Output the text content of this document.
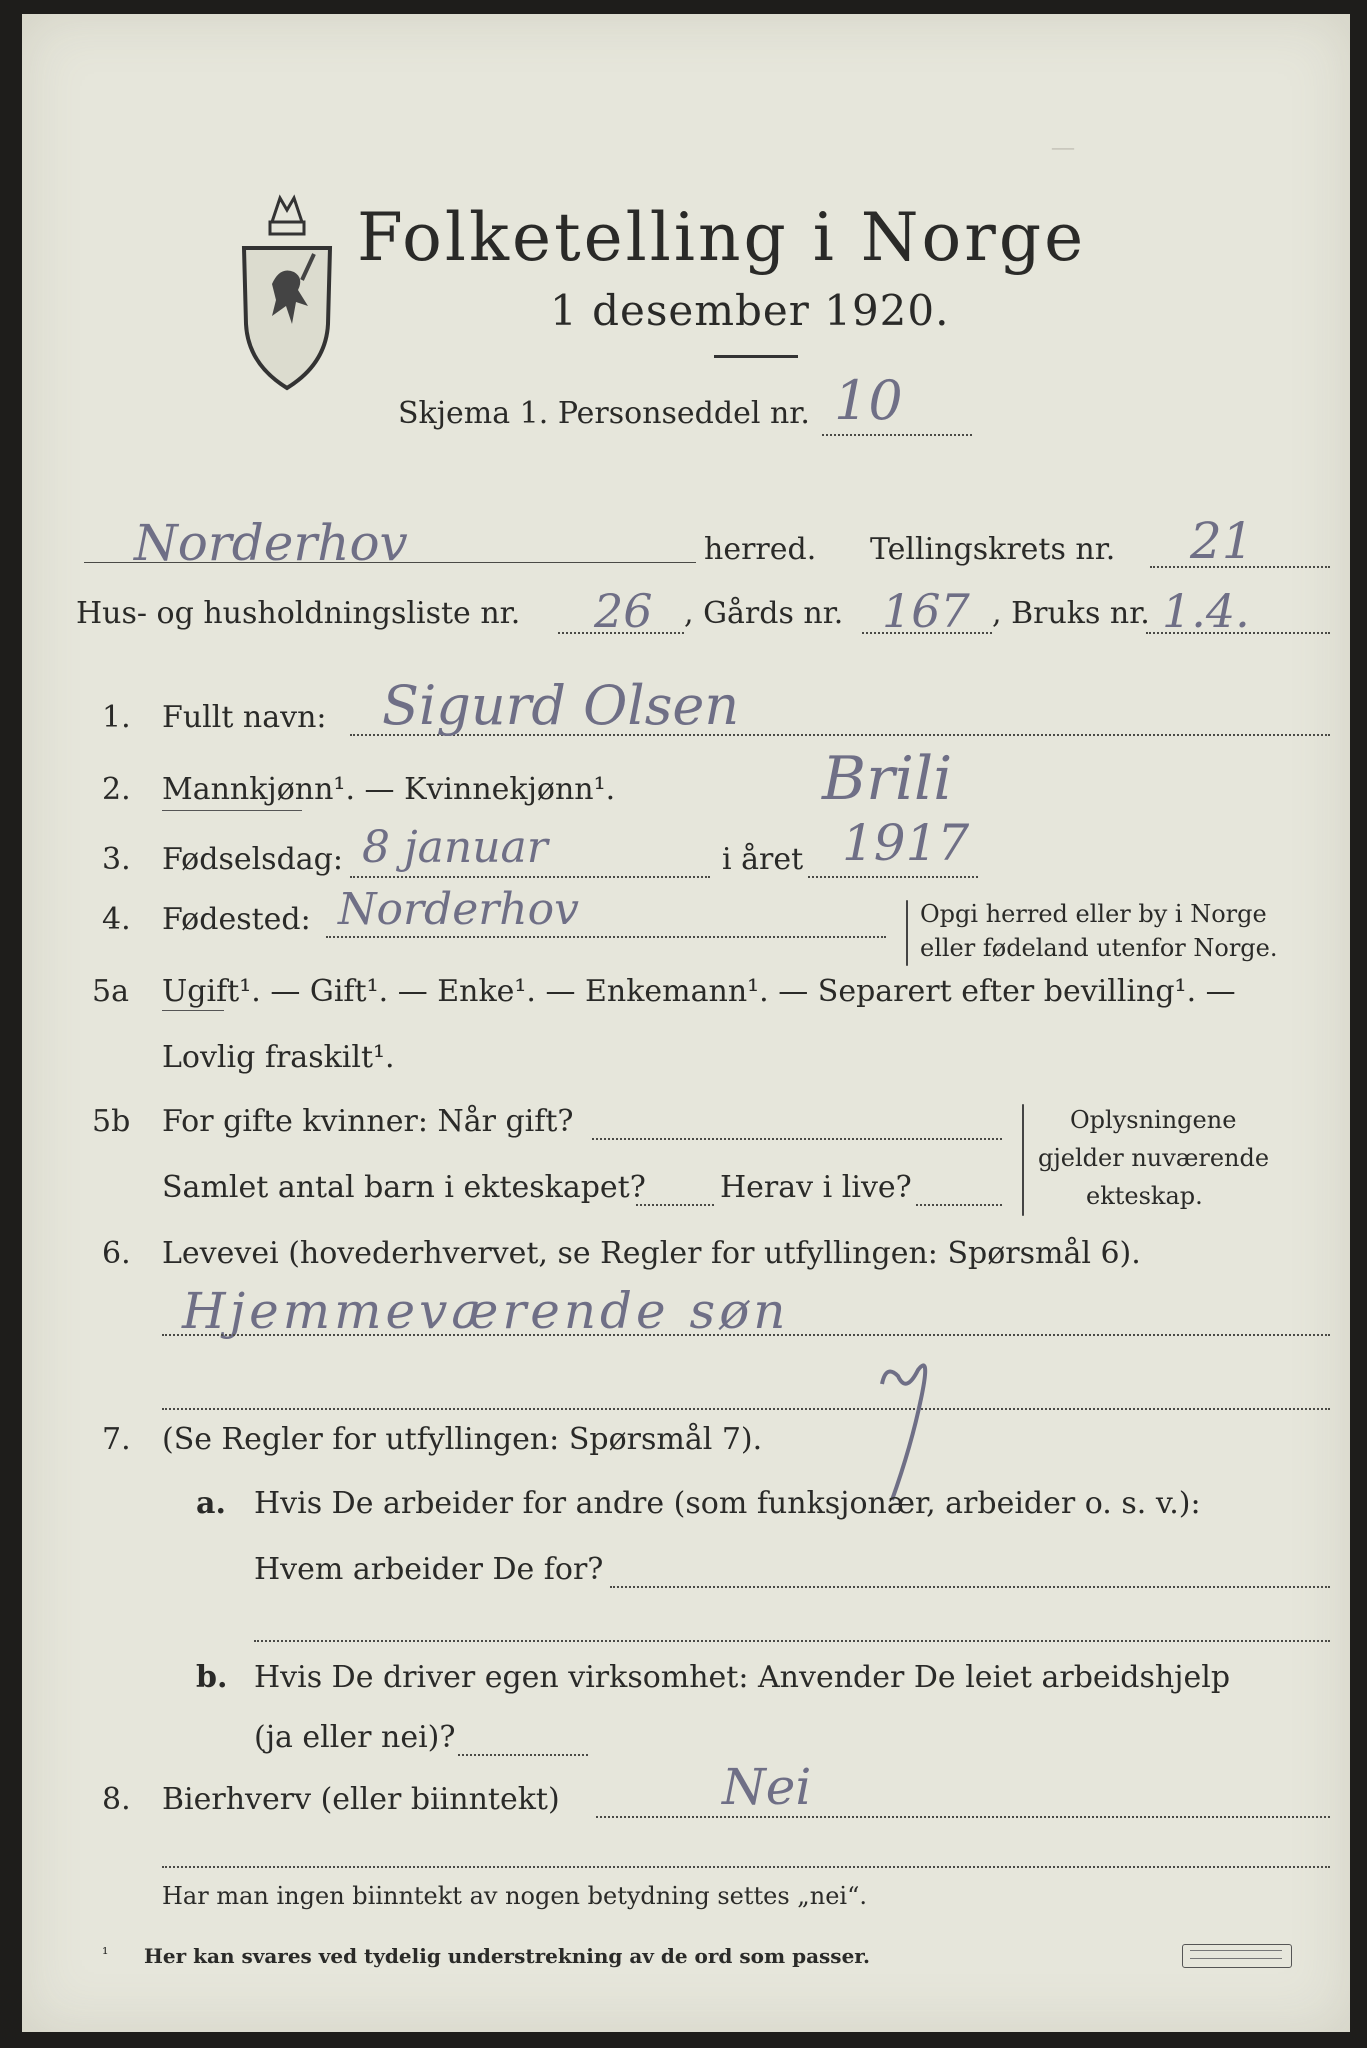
—
Folketelling i Norge
1 desember 1920.
Skjema 1. Personseddel nr. 10
Norderhov	herred. Tellingskrets nr. 21
Hus- og husholdningsliste nr. 26 , Gårds nr. 167 , Bruks nr. 1.4.
1. Fullt navn: Sigurd Olsen
2. Mannkjønn¹. — Kvinnekjønn¹.	Brili
3. Fødselsdag: 8 januar	i året 1917
4. Fødested: Norderhov	Opgi herred eller by i Norge
eller fødeland utenfor Norge.
5a Ugift¹. — Gift¹. — Enke¹. — Enkemann¹. — Separert efter bevilling¹. —
Lovlig fraskilt¹.
5b For gifte kvinner: Når gift?
Samlet antal barn i ekteskapet? Herav i live?
Oplysningene
gjelder nuværende
ekteskap.
6. Levevei (hovederhvervet, se Regler for utfyllingen: Spørsmål 6).
Hjemmeværende søn
7. (Se Regler for utfyllingen: Spørsmål 7).
a. Hvis De arbeider for andre (som funksjonær, arbeider o. s. v.):
Hvem arbeider De for?
b. Hvis De driver egen virksomhet: Anvender De leiet arbeidshjelp
(ja eller nei)?
8. Bierhverv (eller biinntekt)	Nei
Har man ingen biinntekt av nogen betydning settes „nei“.
¹ Her kan svares ved tydelig understrekning av de ord som passer.
